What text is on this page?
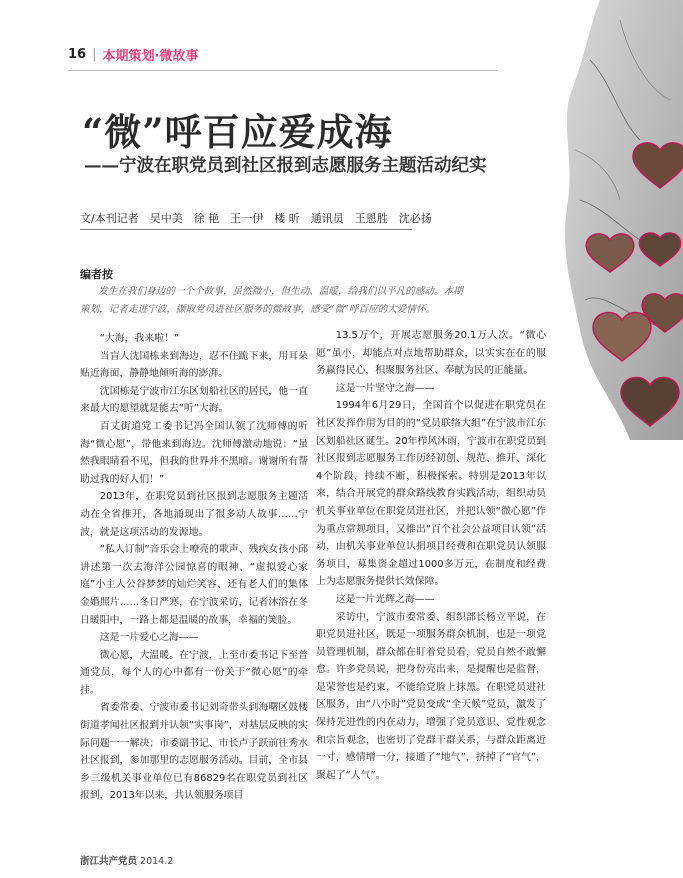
16 | 本期策划·微故事
“微”呼百应爱成海
——宁波在职党员到社区报到志愿服务主题活动纪实
文/本刊记者　吴中美　徐 艳　王一伊　楼 昕　通讯员　王恩胜　沈必扬
编者按
发生在我们身边的一个个故事，虽然微小，但生动、温暖，给我们以平凡的感动。本期策划，记者走进宁波，撷取党员进社区服务的微故事，感受“微”呼百应的大爱情怀。

“大海，我来啦！”

当盲人沈国栋来到海边，忍不住跪下来，用耳朵贴近海面，静静地倾听海的澎湃。

沈国栋是宁波市江东区划船社区的居民，他一直来最大的愿望就是能去“听”大海。

百丈街道党工委书记冯全国认领了沈师傅的听海“微心愿”，带他来到海边。沈师傅激动地说：“虽然我眼睛看不见，但我的世界并不黑暗。谢谢所有帮助过我的好人们！”

2013年，在职党员到社区报到志愿服务主题活动在全省推开，各地涌现出了很多动人故事……宁波，就是这项活动的发源地。

“私人订制”音乐会上嘹亮的歌声、残疾女孩小邱讲述第一次去海洋公园惊喜的眼神、“虚拟爱心家庭”小主人公谷梦梦的灿烂笑容、还有老人们的集体金婚照片……冬日严寒，在宁波采访，记者沐浴在冬日暖阳中，一路上都是温暖的故事，幸福的笑脸。

这是一片爱心之海——

微心愿，大温暖。在宁波，上至市委书记下至普通党员，每个人的心中都有一份关于“微心愿”的牵挂。

省委常委、宁波市委书记刘奇带头到海曙区鼓楼街道孝闻社区报到并认领“实事岗”，对基层反映的实际问题一一解决；市委副书记、市长卢子跃前往秀水社区报到，参加那里的志愿服务活动。目前，全市县乡三级机关事业单位已有86829名在职党员到社区报到，2013年以来，共认领服务项目

13.5万个，开展志愿服务20.1万人次。“微心愿”虽小，却能点对点地帮助群众，以实实在在的服务赢得民心，积聚服务社区、奉献为民的正能量。

这是一片坚守之海——

1994年6月29日，全国首个以促进在职党员在社区发挥作用为目的的“党员联络大组”在宁波市江东区划船社区诞生。20年栉风沐雨，宁波市在职党员到社区报到志愿服务工作历经初创、规范、推开、深化4个阶段，持续不断，积极探索。特别是2013年以来，结合开展党的群众路线教育实践活动，组织动员机关事业单位在职党员进社区，并把认领“微心愿”作为重点常规项目，又推出“百个社会公益项目认领”活动，由机关事业单位认捐项目经费和在职党员认领服务项目，募集资金超过1000多万元，在制度和经费上为志愿服务提供长效保障。

这是一片光辉之海——

采访中，宁波市委常委、组织部长杨立平说，在职党员进社区，既是一项服务群众机制，也是一项党员管理机制，群众都在盯着党员看，党员自然不敢懈怠。许多党员说，把身份亮出来，是提醒也是监督，是荣誉也是约束，不能给党脸上抹黑。在职党员进社区服务，由“八小时”党员变成“全天候”党员，激发了保持先进性的内在动力，增强了党员意识、党性观念和宗旨观念，也密切了党群干群关系，与群众距离近一寸，感情增一分，接通了“地气”，挤掉了“官气”，聚起了“人气”。

浙江共产党员 2014.2
